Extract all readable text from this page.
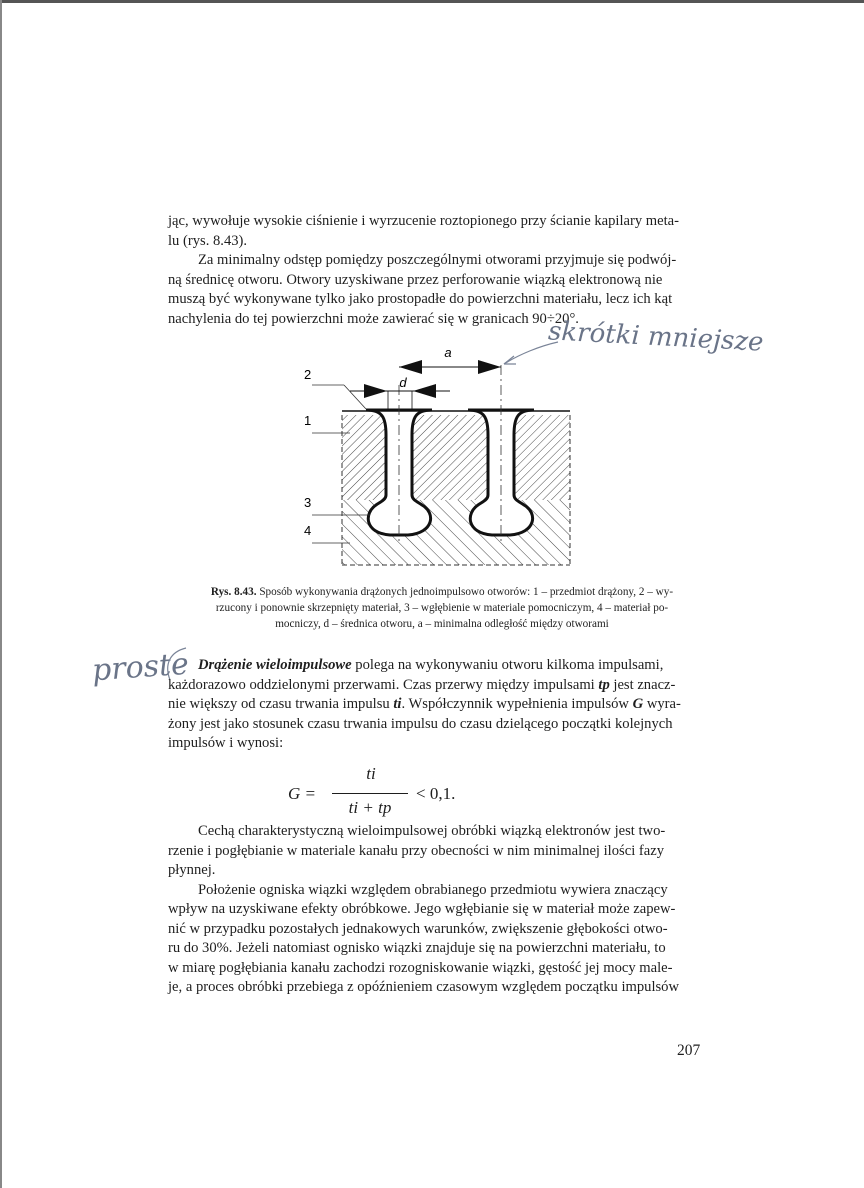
jąc, wywołuje wysokie ciśnienie i wyrzucenie roztopionego przy ścianie kapilary meta-

lu (rys. 8.43).

Za minimalny odstęp pomiędzy poszczególnymi otworami przyjmuje się podwój-

ną średnicę otworu. Otwory uzyskiwane przez perforowanie wiązką elektronową nie

muszą być wykonywane tylko jako prostopadłe do powierzchni materiału, lecz ich kąt

nachylenia do tej powierzchni może zawierać się w granicach 90÷20°.

skrótki mniejsze
a
d
2
1
3
4
Rys. 8.43. Sposób wykonywania drążonych jednoimpulsowo otworów: 1 – przedmiot drążony, 2 – wy-
rzucony i ponownie skrzepnięty materiał, 3 – wgłębienie w materiale pomocniczym, 4 – materiał po-
mocniczy, d – średnica otworu, a – minimalna odległość między otworami
proste Drążenie wieloimpulsowe polega na wykonywaniu otworu kilkoma impulsami,

każdorazowo oddzielonymi przerwami. Czas przerwy między impulsami tp jest znacz-

nie większy od czasu trwania impulsu ti. Współczynnik wypełnienia impulsów G wyra-

żony jest jako stosunek czasu trwania impulsu do czasu dzielącego początki kolejnych

impulsów i wynosi:

G =
ti
ti + tp
< 0,1.

Cechą charakterystyczną wieloimpulsowej obróbki wiązką elektronów jest two-

rzenie i pogłębianie w materiale kanału przy obecności w nim minimalnej ilości fazy

płynnej.

Położenie ogniska wiązki względem obrabianego przedmiotu wywiera znaczący

wpływ na uzyskiwane efekty obróbkowe. Jego wgłębianie się w materiał może zapew-

nić w przypadku pozostałych jednakowych warunków, zwiększenie głębokości otwo-

ru do 30%. Jeżeli natomiast ognisko wiązki znajduje się na powierzchni materiału, to

w miarę pogłębiania kanału zachodzi rozogniskowanie wiązki, gęstość jej mocy male-

je, a proces obróbki przebiega z opóźnieniem czasowym względem początku impulsów

207
